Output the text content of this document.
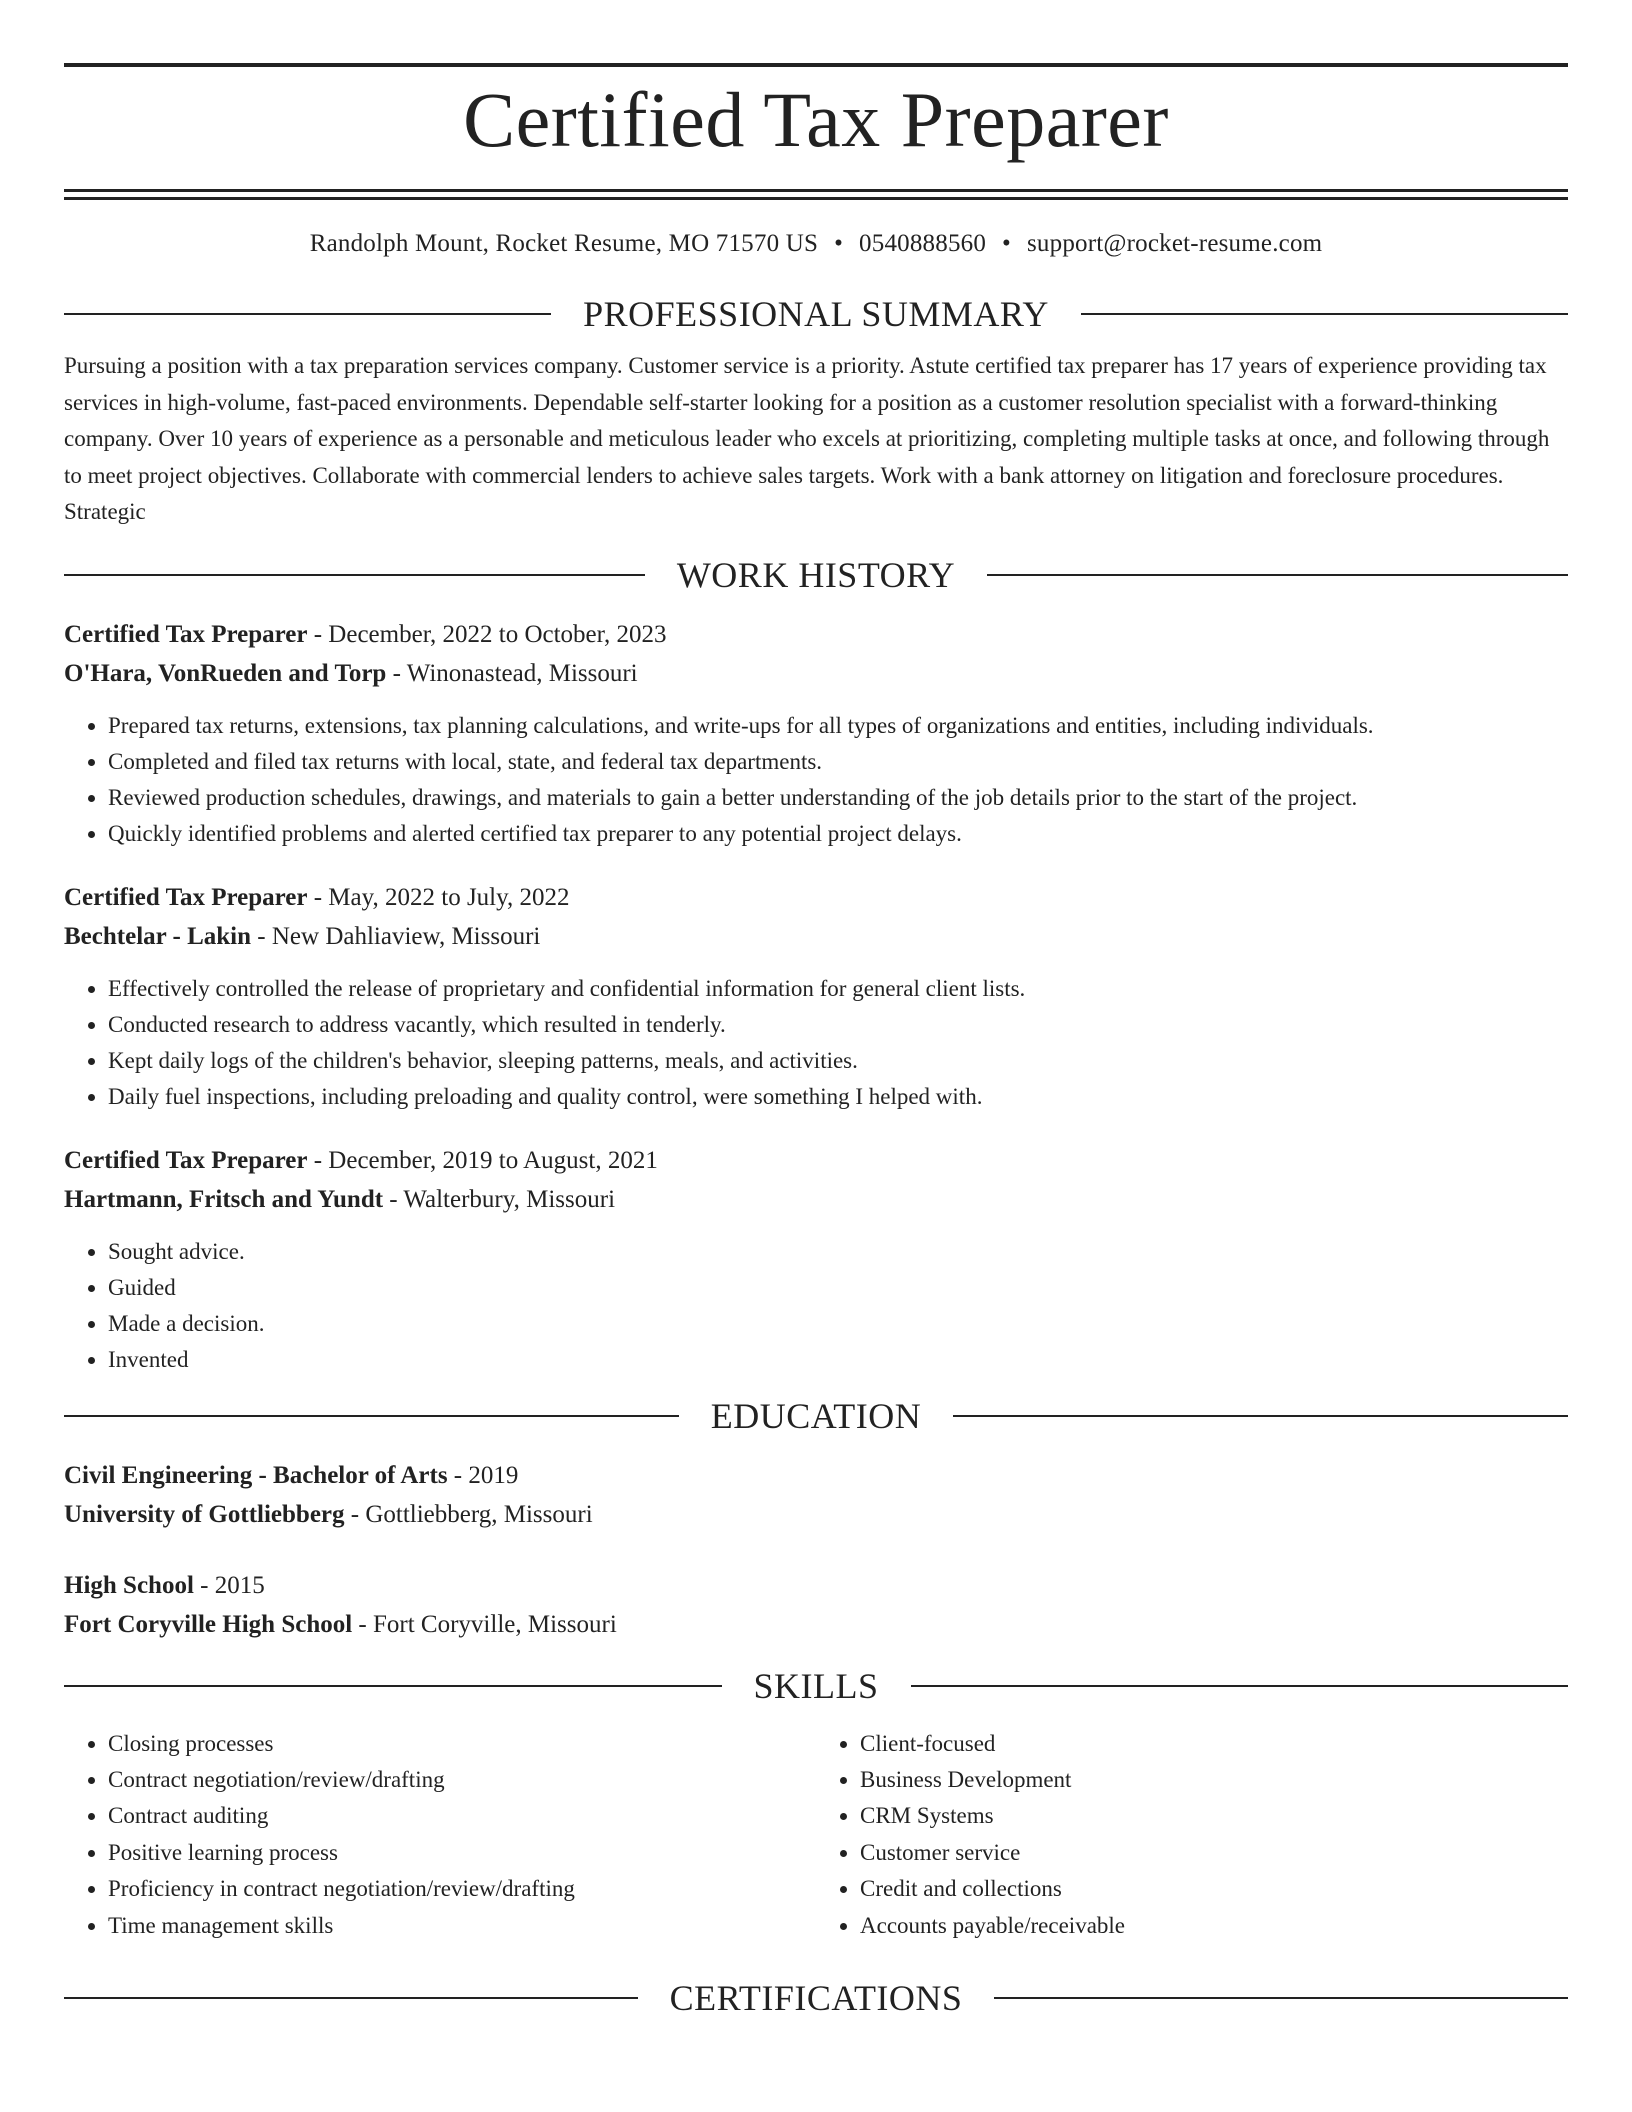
Certified Tax Preparer
Randolph Mount, Rocket Resume, MO 71570 US • 0540888560 • support@rocket-resume.com
PROFESSIONAL SUMMARY

Pursuing a position with a tax preparation services company. Customer service is a priority. Astute certified tax preparer has 17 years of experience providing tax services in high-volume, fast-paced environments. Dependable self-starter looking for a position as a customer resolution specialist with a forward-thinking company. Over 10 years of experience as a personable and meticulous leader who excels at prioritizing, completing multiple tasks at once, and following through to meet project objectives. Collaborate with commercial lenders to achieve sales targets. Work with a bank attorney on litigation and foreclosure procedures. Strategic

WORK HISTORY

Certified Tax Preparer - December, 2022 to October, 2023

O'Hara, VonRueden and Torp - Winonastead, Missouri

• Prepared tax returns, extensions, tax planning calculations, and write-ups for all types of organizations and entities, including individuals.
• Completed and filed tax returns with local, state, and federal tax departments.
• Reviewed production schedules, drawings, and materials to gain a better understanding of the job details prior to the start of the project.
• Quickly identified problems and alerted certified tax preparer to any potential project delays.

Certified Tax Preparer - May, 2022 to July, 2022

Bechtelar - Lakin - New Dahliaview, Missouri

• Effectively controlled the release of proprietary and confidential information for general client lists.
• Conducted research to address vacantly, which resulted in tenderly.
• Kept daily logs of the children's behavior, sleeping patterns, meals, and activities.
• Daily fuel inspections, including preloading and quality control, were something I helped with.

Certified Tax Preparer - December, 2019 to August, 2021

Hartmann, Fritsch and Yundt - Walterbury, Missouri

• Sought advice.
• Guided
• Made a decision.
• Invented
EDUCATION

Civil Engineering - Bachelor of Arts - 2019

University of Gottliebberg - Gottliebberg, Missouri

High School - 2015

Fort Coryville High School - Fort Coryville, Missouri

SKILLS
• Closing processes
• Contract negotiation/review/drafting
• Contract auditing
• Positive learning process
• Proficiency in contract negotiation/review/drafting
• Time management skills
• Client-focused
• Business Development
• CRM Systems
• Customer service
• Credit and collections
• Accounts payable/receivable
CERTIFICATIONS
